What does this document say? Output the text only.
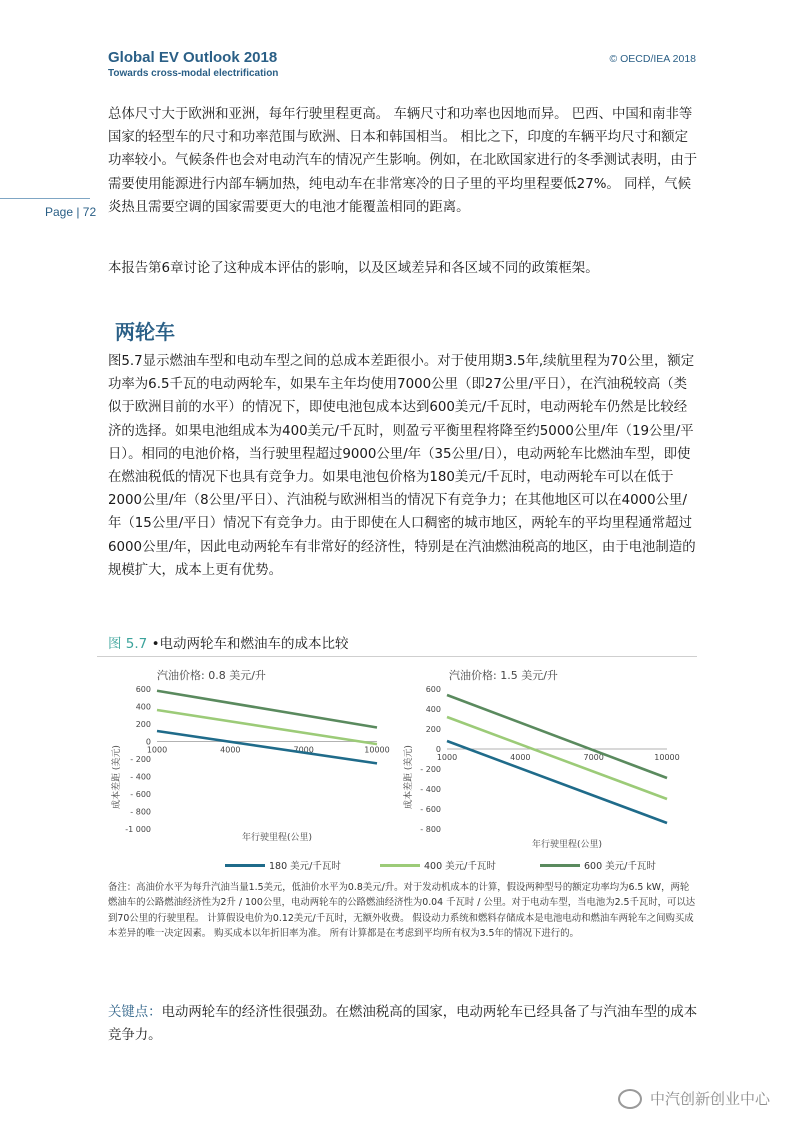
Global EV Outlook 2018
Towards cross-modal electrification
© OECD/IEA 2018
Page | 72

总体尺寸大于欧洲和亚洲，每年行驶里程更高。 车辆尺寸和功率也因地而异。 巴西、中国和南非等国家的轻型车的尺寸和功率范围与欧洲、日本和韩国相当。 相比之下，印度的车辆平均尺寸和额定功率较小。气候条件也会对电动汽车的情况产生影响。例如，在北欧国家进行的冬季测试表明，由于需要使用能源进行内部车辆加热，纯电动车在非常寒冷的日子里的平均里程要低27%。 同样，气候炎热且需要空调的国家需要更大的电池才能覆盖相同的距离。

本报告第6章讨论了这种成本评估的影响，以及区域差异和各区域不同的政策框架。

两轮车

图5.7显示燃油车型和电动车型之间的总成本差距很小。对于使用期3.5年,续航里程为70公里，额定功率为6.5千瓦的电动两轮车，如果车主年均使用7000公里（即27公里/平日），在汽油税较高（类似于欧洲目前的水平）的情况下，即使电池包成本达到600美元/千瓦时，电动两轮车仍然是比较经济的选择。如果电池组成本为400美元/千瓦时，则盈亏平衡里程将降至约5000公里/年（19公里/平日）。相同的电池价格，当行驶里程超过9000公里/年（35公里/日），电动两轮车比燃油车型，即使在燃油税低的情况下也具有竞争力。如果电池包价格为180美元/千瓦时，电动两轮车可以在低于2000公里/年（8公里/平日）、汽油税与欧洲相当的情况下有竞争力；在其他地区可以在4000公里/年（15公里/平日）情况下有竞争力。由于即使在人口稠密的城市地区，两轮车的平均里程通常超过6000公里/年，因此电动两轮车有非常好的经济性，特别是在汽油燃油税高的地区，由于电池制造的规模扩大，成本上更有优势。

图 5.7 •电动两轮车和燃油车的成本比较

汽油价格: 0.8 美元/升
600
400
200
0
- 200
- 400
- 600
- 800
-1 000
1000	4000	7000	10000
成本差距 (美元)
年行驶里程(公里)
汽油价格: 1.5 美元/升
600
400
200
0
- 200
- 400
- 600
- 800
1000	4000	7000	10000
成本差距 (美元)
年行驶里程(公里)
180 美元/千瓦时	400 美元/千瓦时	600 美元/千瓦时

备注：高油价水平为每升汽油当量1.5美元，低油价水平为0.8美元/升。对于发动机成本的计算，假设两种型号的额定功率均为6.5 kW，两轮燃油车的公路燃油经济性为2升 / 100公里，电动两轮车的公路燃油经济性为0.04 千瓦时 / 公里。对于电动车型，当电池为2.5千瓦时，可以达到70公里的行驶里程。 计算假设电价为0.12美元/千瓦时，无额外收费。 假设动力系统和燃料存储成本是电池电动和燃油车两轮车之间购买成本差异的唯一决定因素。 购买成本以年折旧率为准。 所有计算都是在考虑到平均所有权为3.5年的情况下进行的。

关键点：电动两轮车的经济性很强劲。在燃油税高的国家，电动两轮车已经具备了与汽油车型的成本竞争力。

中汽创新创业中心
